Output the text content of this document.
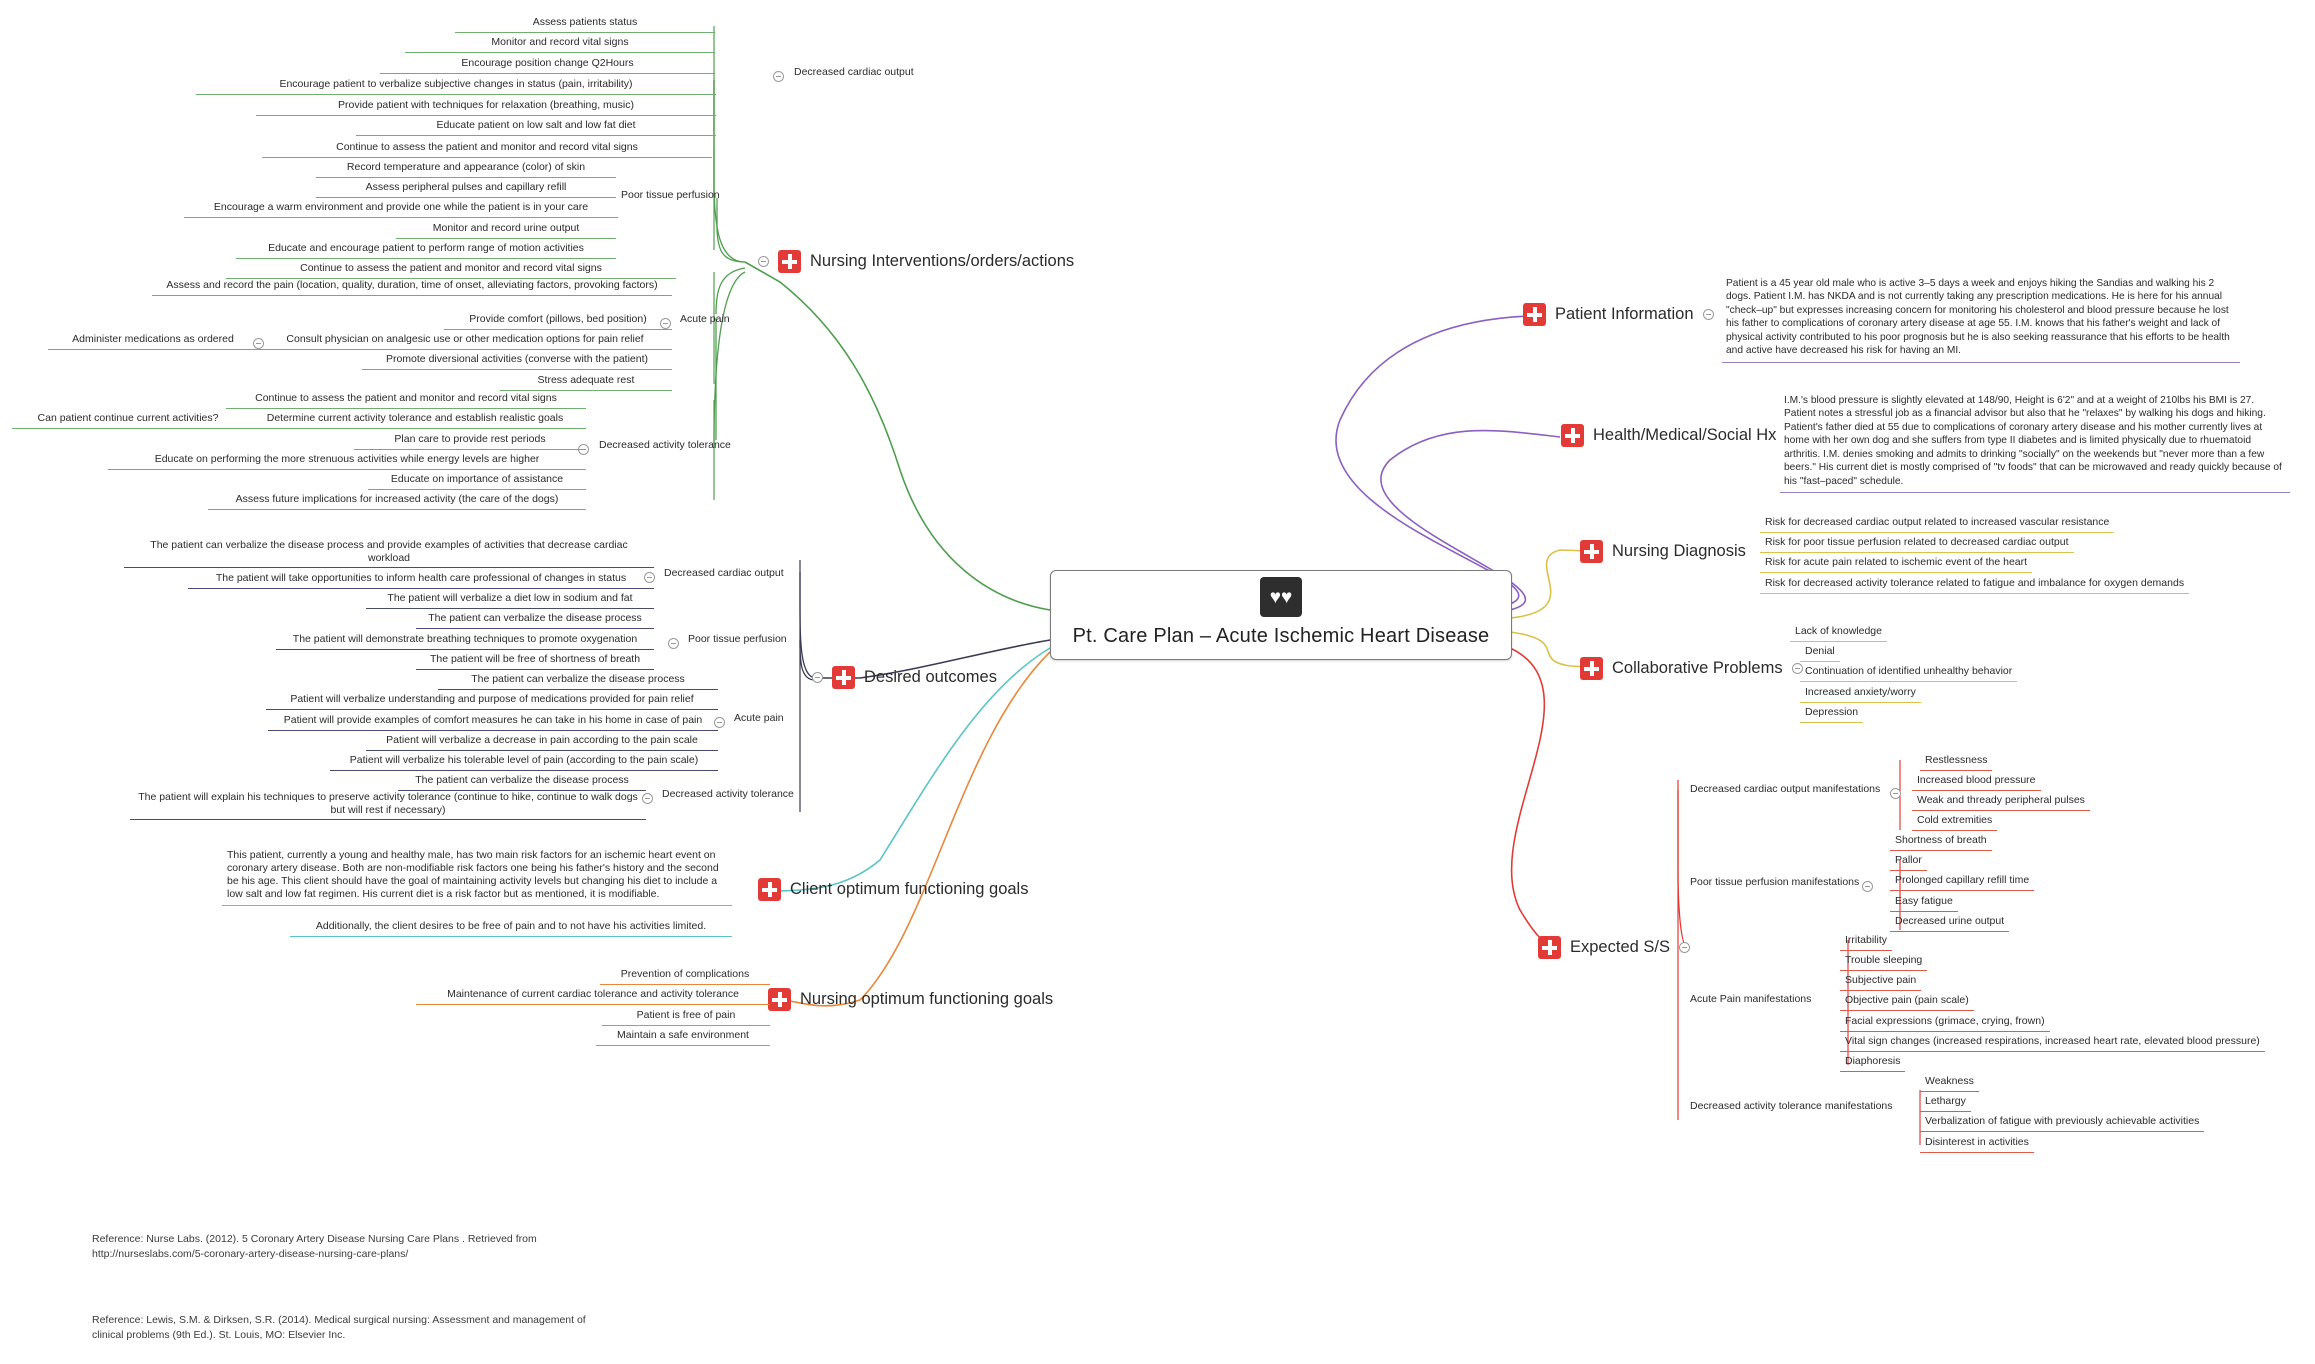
♥♥
Pt. Care Plan – Acute Ischemic Heart Disease
Nursing Interventions/orders/actions
Desired outcomes
Client optimum functioning goals
Nursing optimum functioning goals
Patient Information
Health/Medical/Social Hx
Nursing Diagnosis
Collaborative Problems
Expected S/S
Decreased cardiac output
Assess patients status
Monitor and record vital signs
Encourage position change Q2Hours
Encourage patient to verbalize subjective changes in status (pain, irritability)
Provide patient with techniques for relaxation (breathing, music)
Educate patient on low salt and low fat diet
Poor tissue perfusion
Continue to assess the patient and monitor and record vital signs
Record temperature and appearance (color) of skin
Assess peripheral pulses and capillary refill
Encourage a warm environment and provide one while the patient is in your care
Monitor and record urine output
Educate and encourage patient to perform range of motion activities
Acute pain
Continue to assess the patient and monitor and record vital signs
Assess and record the pain (location, quality, duration, time of onset, alleviating factors, provoking factors)
Provide comfort (pillows, bed position)
Consult physician on analgesic use or other medication options for pain relief
Administer medications as ordered
Promote diversional activities (converse with the patient)
Stress adequate rest
Decreased activity tolerance
Continue to assess the patient and monitor and record vital signs
Determine current activity tolerance and establish realistic goals
Can patient continue current activities?
Plan care to provide rest periods
Educate on performing the more strenuous activities while energy levels are higher
Educate on importance of assistance
Assess future implications for increased activity (the care of the dogs)
Decreased cardiac output
The patient can verbalize the disease process and provide examples of activities that decrease cardiac workload
The patient will take opportunities to inform health care professional of changes in status
The patient will verbalize a diet low in sodium and fat
Poor tissue perfusion
The patient can verbalize the disease process
The patient will demonstrate breathing techniques to promote oxygenation
The patient will be free of shortness of breath
Acute pain
The patient can verbalize the disease process
Patient will verbalize understanding and purpose of medications provided for pain relief
Patient will provide examples of comfort measures he can take in his home in case of pain
Patient will verbalize a decrease in pain according to the pain scale
Patient will verbalize his tolerable level of pain (according to the pain scale)
Decreased activity tolerance
The patient can verbalize the disease process
The patient will explain his techniques to preserve activity tolerance (continue to hike, continue to walk dogs but will rest if necessary)
This patient, currently a young and healthy male, has two main risk factors for an ischemic heart event on coronary artery disease. Both are non-modifiable risk factors one being his father's history and the second be his age. This client should have the goal of maintaining activity levels but changing his diet to include a low salt and low fat regimen. His current diet is a risk factor but as mentioned, it is modifiable.
Additionally, the client desires to be free of pain and to not have his activities limited.
Prevention of complications
Maintenance of current cardiac tolerance and activity tolerance
Patient is free of pain
Maintain a safe environment
Patient is a 45 year old male who is active 3–5 days a week and enjoys hiking the Sandias and walking his 2 dogs. Patient I.M. has NKDA and is not currently taking any prescription medications. He is here for his annual "check–up" but expresses increasing concern for monitoring his cholesterol and blood pressure because he lost his father to complications of coronary artery disease at age 55. I.M. knows that his father's weight and lack of physical activity contributed to his poor prognosis but he is also seeking reassurance that his efforts to be health and active have decreased his risk for having an MI.
I.M.'s blood pressure is slightly elevated at 148/90, Height is 6'2" and at a weight of 210lbs his BMI is 27. Patient notes a stressful job as a financial advisor but also that he "relaxes" by walking his dogs and hiking. Patient's father died at 55 due to complications of coronary artery disease and his mother currently lives at home with her own dog and she suffers from type II diabetes and is limited physically due to rhuematoid arthritis. I.M. denies smoking and admits to drinking "socially" on the weekends but "never more than a few beers." His current diet is mostly comprised of "tv foods" that can be microwaved and ready quickly because of his "fast–paced" schedule.
Risk for decreased cardiac output related to increased vascular resistance
Risk for poor tissue perfusion related to decreased cardiac output
Risk for acute pain related to ischemic event of the heart
Risk for decreased activity tolerance related to fatigue and imbalance for oxygen demands
Lack of knowledge
Denial
Continuation of identified unhealthy behavior
Increased anxiety/worry
Depression
Decreased cardiac output manifestations
Restlessness
Increased blood pressure
Weak and thready peripheral pulses
Cold extremities
Poor tissue perfusion manifestations
Shortness of breath
Pallor
Prolonged capillary refill time
Easy fatigue
Decreased urine output
Acute Pain manifestations
Irritability
Trouble sleeping
Subjective pain
Objective pain (pain scale)
Facial expressions (grimace, crying, frown)
Vital sign changes (increased respirations, increased heart rate, elevated blood pressure)
Diaphoresis
Decreased activity tolerance manifestations
Weakness
Lethargy
Verbalization of fatigue with previously achievable activities
Disinterest in activities
Reference: Nurse Labs. (2012). 5 Coronary Artery Disease Nursing Care Plans . Retrieved from http://nurseslabs.com/5-coronary-artery-disease-nursing-care-plans/
Reference: Lewis, S.M. & Dirksen, S.R. (2014). Medical surgical nursing: Assessment and management of clinical problems (9th Ed.). St. Louis, MO: Elsevier Inc.
